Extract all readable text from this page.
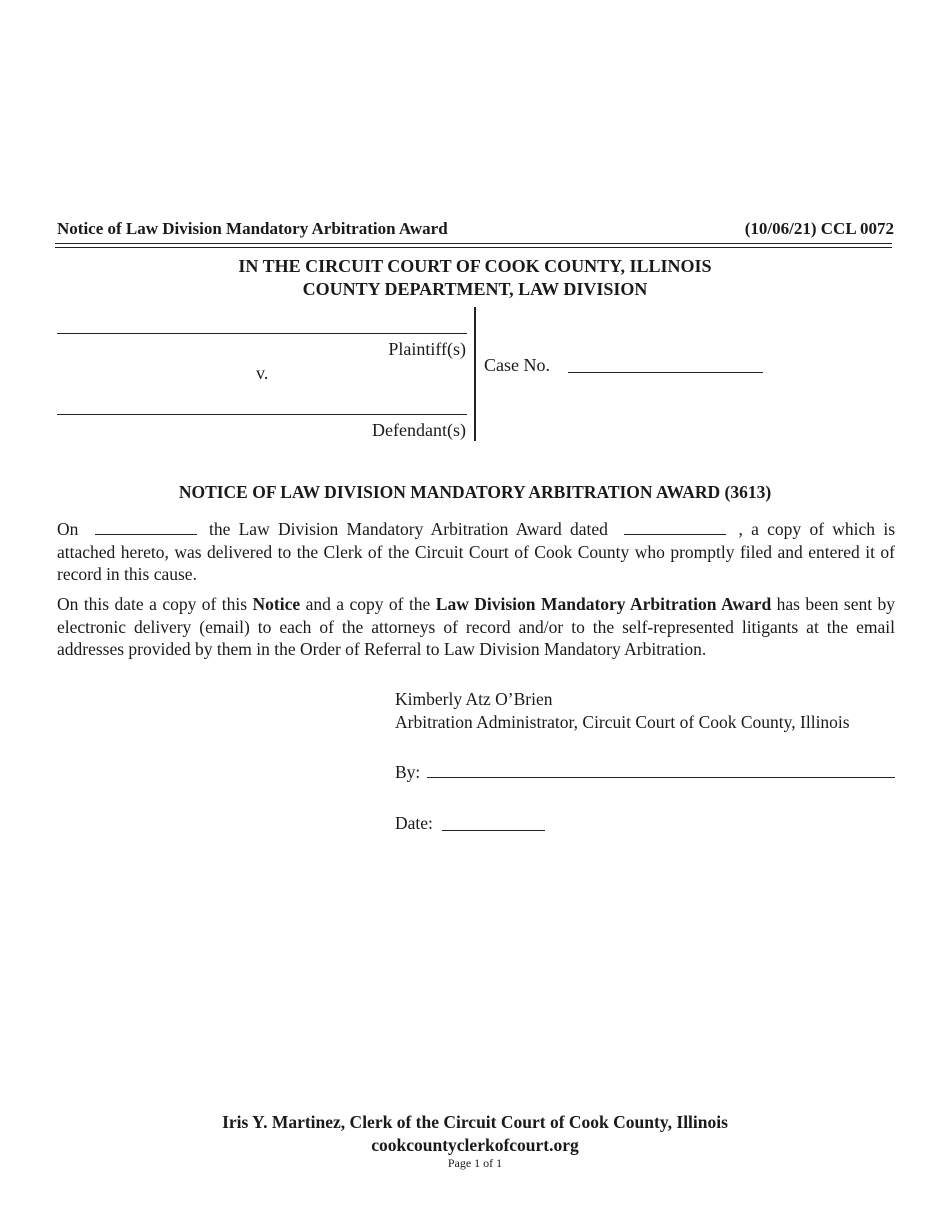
Notice of Law Division Mandatory Arbitration Award	(10/06/21) CCL 0072
IN THE CIRCUIT COURT OF COOK COUNTY, ILLINOIS
COUNTY DEPARTMENT, LAW DIVISION
Plaintiff(s)
v.
Defendant(s)
Case No.
NOTICE OF LAW DIVISION MANDATORY ARBITRATION AWARD (3613)
On	the Law Division Mandatory Arbitration Award dated	, a copy of which is attached hereto, was delivered to the Clerk of the Circuit Court of Cook County who promptly filed and entered it of record in this cause.
On this date a copy of this Notice and a copy of the Law Division Mandatory Arbitration Award has been sent by electronic delivery (email) to each of the attorneys of record and/or to the self-represented litigants at the email addresses provided by them in the Order of Referral to Law Division Mandatory Arbitration.
Kimberly Atz O’Brien
Arbitration Administrator, Circuit Court of Cook County, Illinois
By:
Date:
Iris Y. Martinez, Clerk of the Circuit Court of Cook County, Illinois
cookcountyclerkofcourt.org
Page 1 of 1
